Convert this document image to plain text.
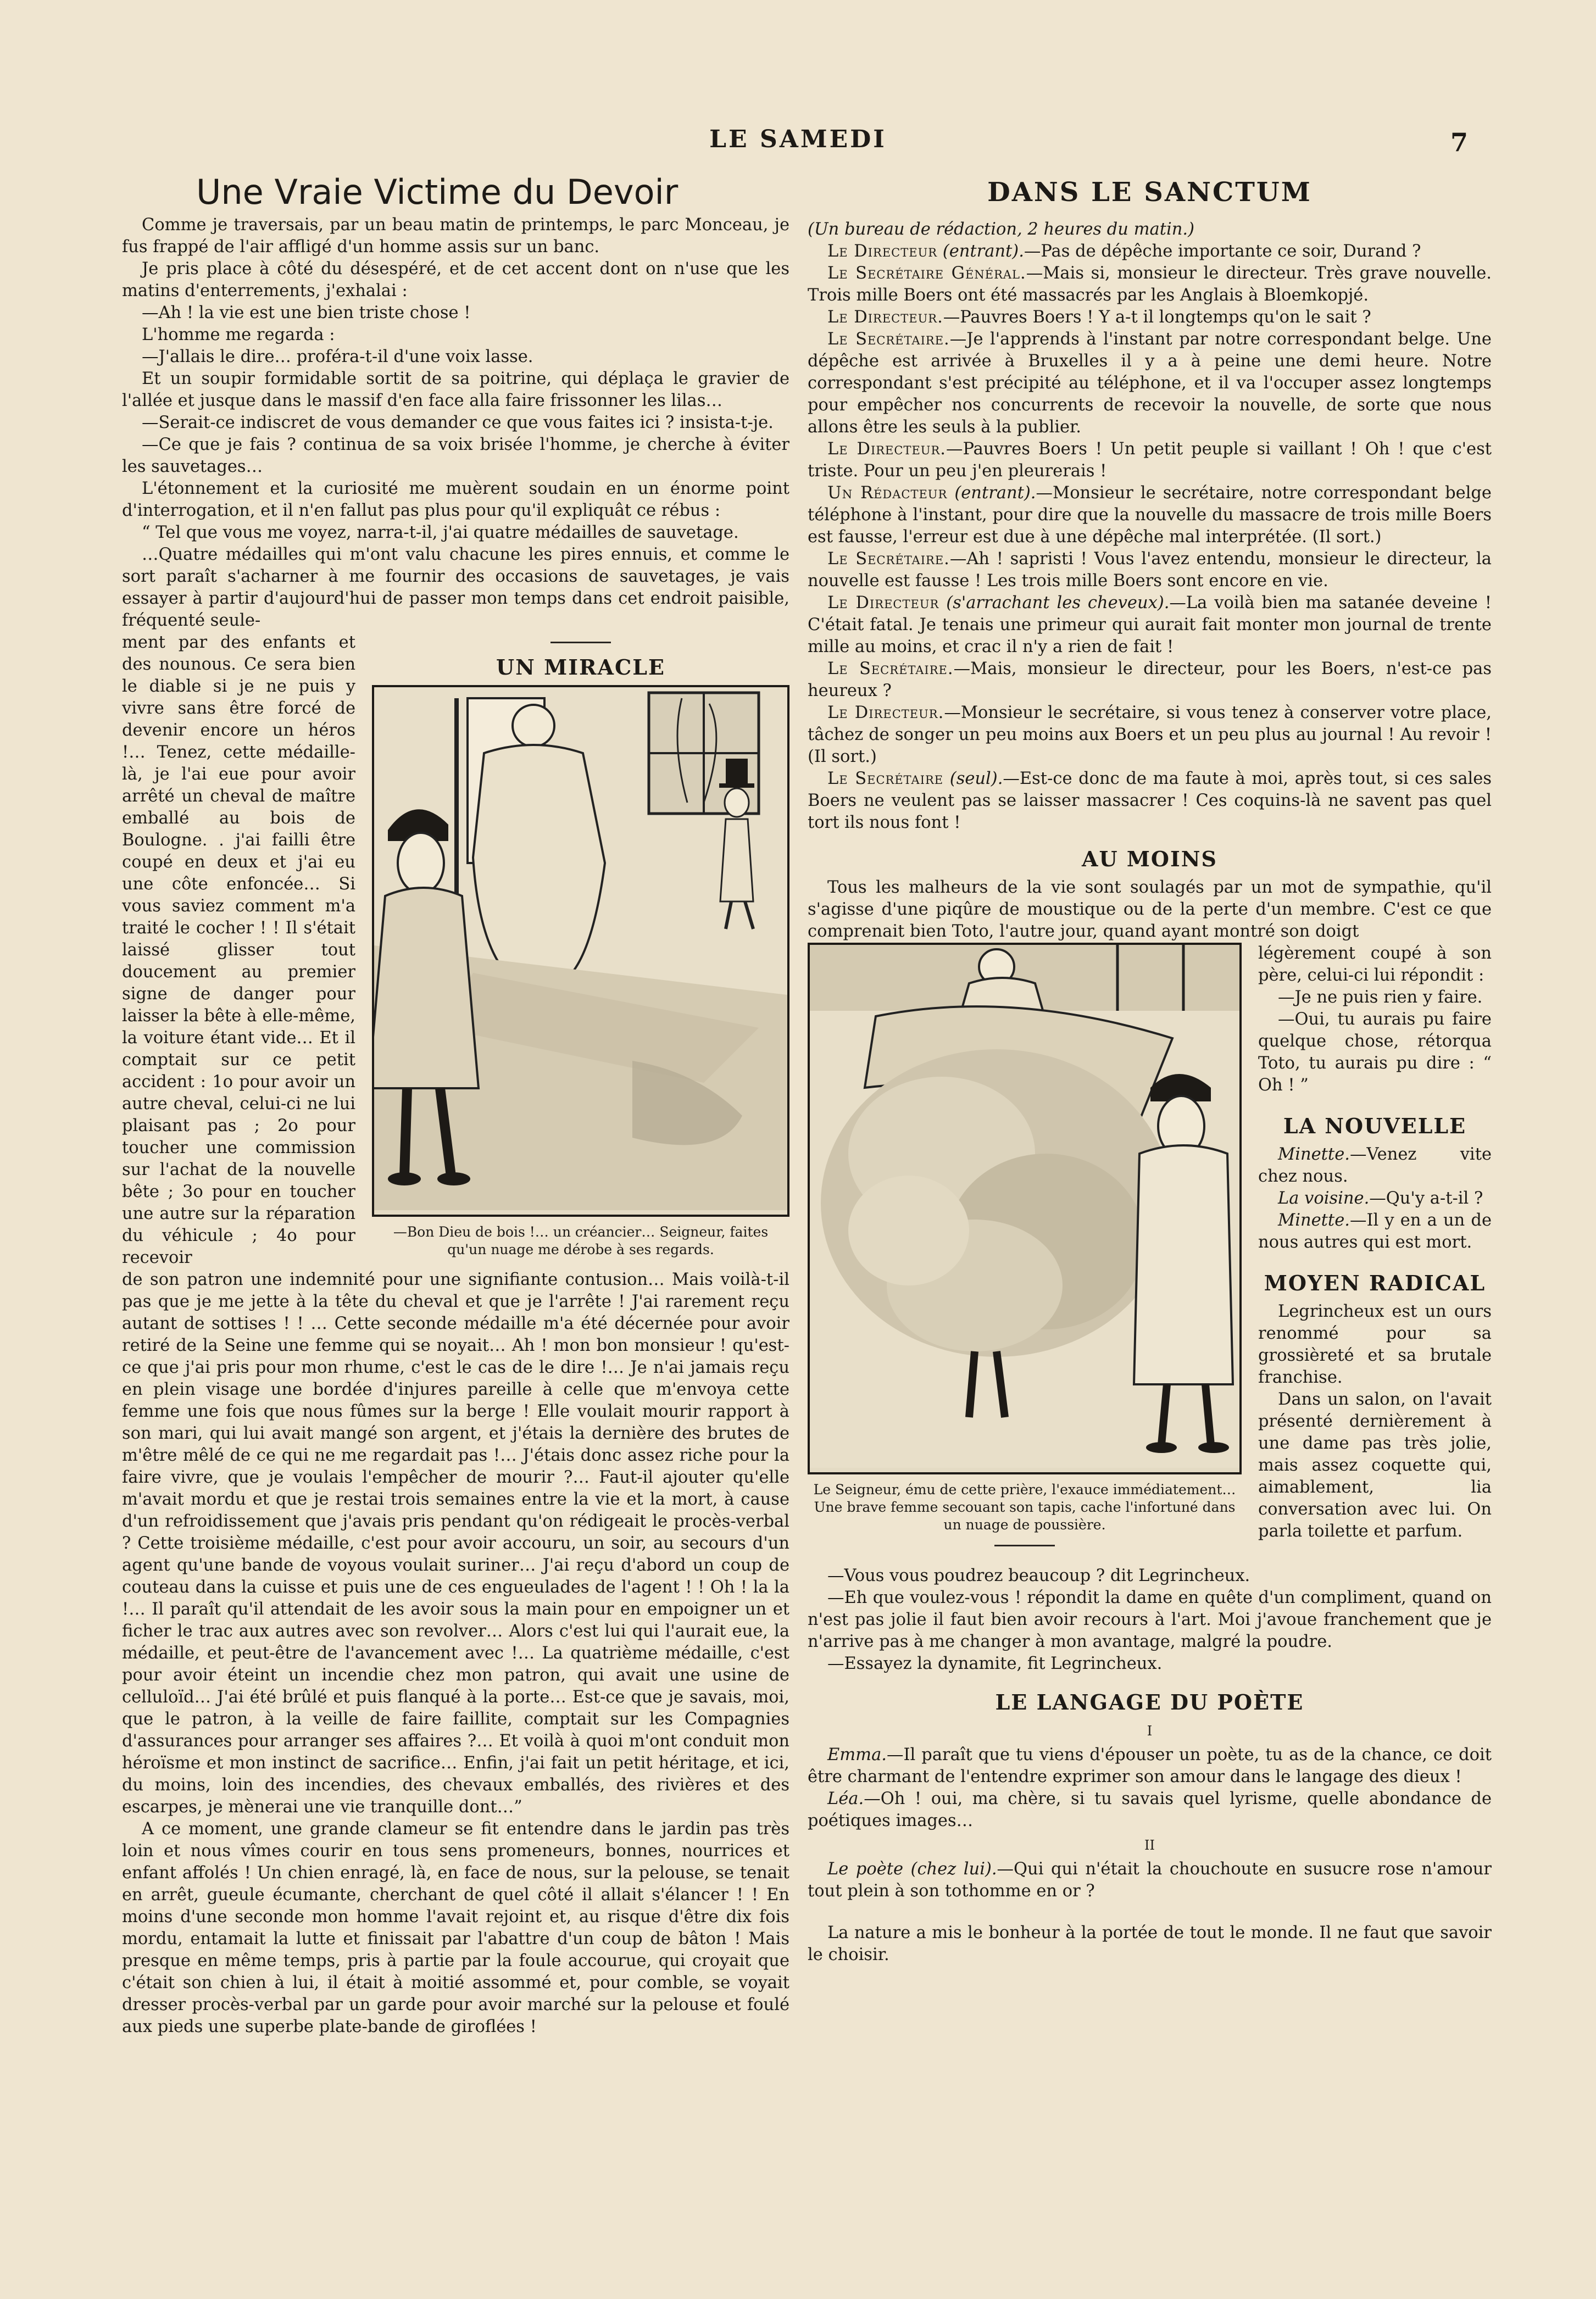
LE SAMEDI	7
Une Vraie Victime du Devoir

Comme je traversais, par un beau matin de printemps, le parc Monceau, je fus frappé de l'air affligé d'un homme assis sur un banc.

Je pris place à côté du désespéré, et de cet accent dont on n'use que les matins d'enterrements, j'exhalai :

—Ah ! la vie est une bien triste chose !

L'homme me regarda :

—J'allais le dire… proféra-t-il d'une voix lasse.

Et un soupir formidable sortit de sa poitrine, qui déplaça le gravier de l'allée et jusque dans le massif d'en face alla faire frissonner les lilas…

—Serait-ce indiscret de vous demander ce que vous faites ici ? insista-t-je.

—Ce que je fais ? continua de sa voix brisée l'homme, je cherche à éviter les sauvetages…

L'étonnement et la curiosité me muèrent soudain en un énorme point d'interrogation, et il n'en fallut pas plus pour qu'il expliquât ce rébus :

“ Tel que vous me voyez, narra-t-il, j'ai quatre médailles de sauvetage.

…Quatre médailles qui m'ont valu chacune les pires ennuis, et comme le sort paraît s'acharner à me fournir des occasions de sauvetages, je vais essayer à partir d'aujourd'hui de passer mon temps dans cet endroit paisible, fréquenté seule-

UN MIRACLE
—Bon Dieu de bois !… un créancier… Seigneur, faites qu'un nuage me dérobe à ses regards.

ment par des enfants et des nounous. Ce sera bien le diable si je ne puis y vivre sans être forcé de devenir encore un héros !… Tenez, cette médaille-là, je l'ai eue pour avoir arrêté un cheval de maître emballé au bois de Boulogne. . j'ai failli être coupé en deux et j'ai eu une côte enfoncée… Si vous saviez comment m'a traité le cocher ! ! Il s'était laissé glisser tout doucement au premier signe de danger pour laisser la bête à elle-même, la voiture étant vide… Et il comptait sur ce petit accident : 1o pour avoir un autre cheval, celui-ci ne lui plaisant pas ; 2o pour toucher une commission sur l'achat de la nouvelle bête ; 3o pour en toucher une autre sur la réparation du véhicule ; 4o pour recevoir

de son patron une indemnité pour une signifiante contusion… Mais voilà-t-il pas que je me jette à la tête du cheval et que je l'arrête ! J'ai rarement reçu autant de sottises ! ! … Cette seconde médaille m'a été décernée pour avoir retiré de la Seine une femme qui se noyait… Ah ! mon bon monsieur ! qu'est-ce que j'ai pris pour mon rhume, c'est le cas de le dire !… Je n'ai jamais reçu en plein visage une bordée d'injures pareille à celle que m'envoya cette femme une fois que nous fûmes sur la berge ! Elle voulait mourir rapport à son mari, qui lui avait mangé son argent, et j'étais la dernière des brutes de m'être mêlé de ce qui ne me regardait pas !… J'étais donc assez riche pour la faire vivre, que je voulais l'empêcher de mourir ?… Faut-il ajouter qu'elle m'avait mordu et que je restai trois semaines entre la vie et la mort, à cause d'un refroidissement que j'avais pris pendant qu'on rédigeait le procès-verbal ? Cette troisième médaille, c'est pour avoir accouru, un soir, au secours d'un agent qu'une bande de voyous voulait suriner… J'ai reçu d'abord un coup de couteau dans la cuisse et puis une de ces engueulades de l'agent ! ! Oh ! la la !… Il paraît qu'il attendait de les avoir sous la main pour en empoigner un et ficher le trac aux autres avec son revolver… Alors c'est lui qui l'aurait eue, la médaille, et peut-être de l'avancement avec !… La quatrième médaille, c'est pour avoir éteint un incendie chez mon patron, qui avait une usine de celluloïd… J'ai été brûlé et puis flanqué à la porte… Est-ce que je savais, moi, que le patron, à la veille de faire faillite, comptait sur les Compagnies d'assurances pour arranger ses affaires ?… Et voilà à quoi m'ont conduit mon héroïsme et mon instinct de sacrifice… Enfin, j'ai fait un petit héritage, et ici, du moins, loin des incendies, des chevaux emballés, des rivières et des escarpes, je mènerai une vie tranquille dont…”

A ce moment, une grande clameur se fit entendre dans le jardin pas très loin et nous vîmes courir en tous sens promeneurs, bonnes, nourrices et enfant affolés ! Un chien enragé, là, en face de nous, sur la pelouse, se tenait en arrêt, gueule écumante, cherchant de quel côté il allait s'élancer ! ! En moins d'une seconde mon homme l'avait rejoint et, au risque d'être dix fois mordu, entamait la lutte et finissait par l'abattre d'un coup de bâton ! Mais presque en même temps, pris à partie par la foule accourue, qui croyait que c'était son chien à lui, il était à moitié assommé et, pour comble, se voyait dresser procès-verbal par un garde pour avoir marché sur la pelouse et foulé aux pieds une superbe plate-bande de giroflées !

DANS LE SANCTUM

(Un bureau de rédaction, 2 heures du matin.)

Le Directeur (entrant).—Pas de dépêche importante ce soir, Durand ?

Le Secrétaire Général.—Mais si, monsieur le directeur. Très grave nouvelle. Trois mille Boers ont été massacrés par les Anglais à Bloemkopjé.

Le Directeur.—Pauvres Boers ! Y a-t il longtemps qu'on le sait ?

Le Secrétaire.—Je l'apprends à l'instant par notre correspondant belge. Une dépêche est arrivée à Bruxelles il y a à peine une demi heure. Notre correspondant s'est précipité au téléphone, et il va l'occuper assez longtemps pour empêcher nos concurrents de recevoir la nouvelle, de sorte que nous allons être les seuls à la publier.

Le Directeur.—Pauvres Boers ! Un petit peuple si vaillant ! Oh ! que c'est triste. Pour un peu j'en pleurerais !

Un Rédacteur (entrant).—Monsieur le secrétaire, notre correspondant belge téléphone à l'instant, pour dire que la nouvelle du massacre de trois mille Boers est fausse, l'erreur est due à une dépêche mal interprétée. (Il sort.)

Le Secrétaire.—Ah ! sapristi ! Vous l'avez entendu, monsieur le directeur, la nouvelle est fausse ! Les trois mille Boers sont encore en vie.

Le Directeur (s'arrachant les cheveux).—La voilà bien ma satanée deveine ! C'était fatal. Je tenais une primeur qui aurait fait monter mon journal de trente mille au moins, et crac il n'y a rien de fait !

Le Secrétaire.—Mais, monsieur le directeur, pour les Boers, n'est-ce pas heureux ?

Le Directeur.—Monsieur le secrétaire, si vous tenez à conserver votre place, tâchez de songer un peu moins aux Boers et un peu plus au journal ! Au revoir ! (Il sort.)

Le Secrétaire (seul).—Est-ce donc de ma faute à moi, après tout, si ces sales Boers ne veulent pas se laisser massacrer ! Ces coquins-là ne savent pas quel tort ils nous font !

AU MOINS

Tous les malheurs de la vie sont soulagés par un mot de sympathie, qu'il s'agisse d'une piqûre de moustique ou de la perte d'un membre. C'est ce que comprenait bien Toto, l'autre jour, quand ayant montré son doigt

Le Seigneur, ému de cette prière, l'exauce immédiatement… Une brave femme secouant son tapis, cache l'infortuné dans un nuage de poussière.

légèrement coupé à son père, celui-ci lui répondit :

—Je ne puis rien y faire.

—Oui, tu aurais pu faire quelque chose, rétorqua Toto, tu aurais pu dire : “ Oh ! ”

LA NOUVELLE

Minette.—Venez vite chez nous.

La voisine.—Qu'y a-t-il ?

Minette.—Il y en a un de nous autres qui est mort.

MOYEN RADICAL

Legrincheux est un ours renommé pour sa grossièreté et sa brutale franchise.

Dans un salon, on l'avait présenté dernièrement à une dame pas très jolie, mais assez coquette qui, aimablement, lia conversation avec lui. On parla toilette et parfum.

—Vous vous poudrez beaucoup ? dit Legrincheux.

—Eh que voulez-vous ! répondit la dame en quête d'un compliment, quand on n'est pas jolie il faut bien avoir recours à l'art. Moi j'avoue franchement que je n'arrive pas à me changer à mon avantage, malgré la poudre.

—Essayez la dynamite, fit Legrincheux.

LE LANGAGE DU POÈTE
I

Emma.—Il paraît que tu viens d'épouser un poète, tu as de la chance, ce doit être charmant de l'entendre exprimer son amour dans le langage des dieux !

Léa.—Oh ! oui, ma chère, si tu savais quel lyrisme, quelle abondance de poétiques images…

II

Le poète (chez lui).—Qui qui n'était la chouchoute en susucre rose n'amour tout plein à son tothomme en or ?

La nature a mis le bonheur à la portée de tout le monde. Il ne faut que savoir le choisir.
